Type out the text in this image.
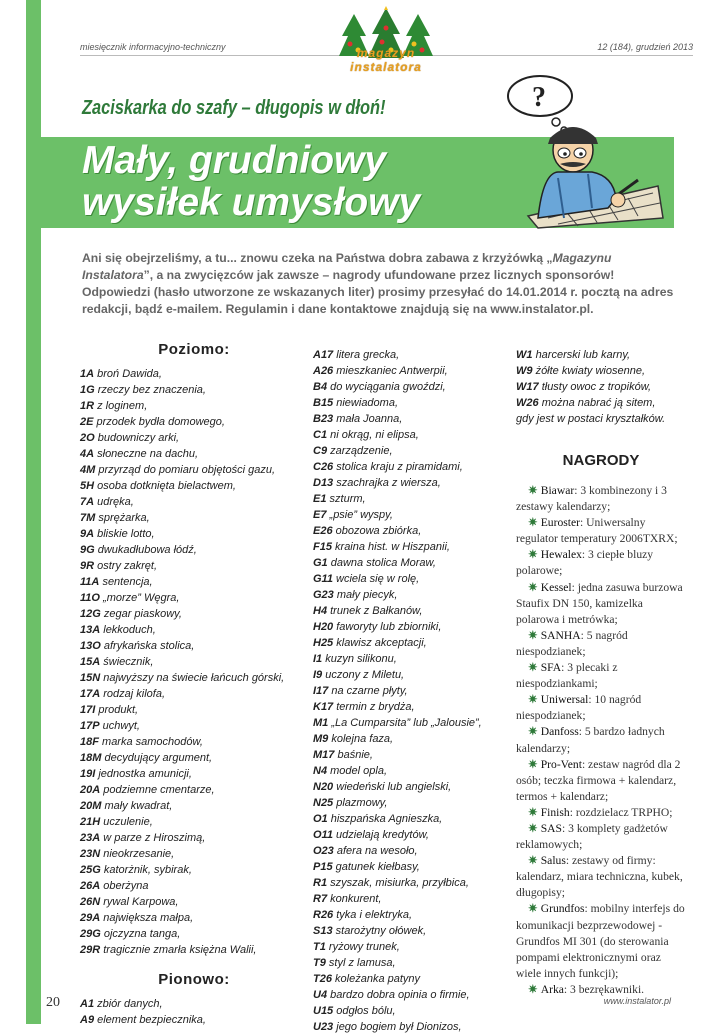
miesięcznik informacyjno-techniczny	12 (184), grudzień 2013
magazyn instalatora
Zaciskarka do szafy – długopis w dłoń!
Mały, grudniowy
wysiłek umysłowy
?
Ani się obejrzeliśmy, a tu... znowu czeka na Państwa dobra zabawa z krzyżówką „Magazynu Instalatora”, a na zwycięzców jak zawsze – nagrody ufundowane przez licznych sponsorów! Odpowiedzi (hasło utworzone ze wskazanych liter) prosimy przesyłać do 14.01.2014 r. pocztą na adres redakcji, bądź e-mailem. Regulamin i dane kontaktowe znajdują się na www.instalator.pl.
Poziomo:
1A broń Dawida,
1G rzeczy bez znaczenia,
1R z loginem,
2E przodek bydła domowego,
2O budowniczy arki,
4A słoneczne na dachu,
4M przyrząd do pomiaru objętości gazu,
5H osoba dotknięta bielactwem,
7A udręka,
7M sprężarka,
9A bliskie lotto,
9G dwukadłubowa łódź,
9R ostry zakręt,
11A sentencja,
11O „morze” Węgra,
12G zegar piaskowy,
13A lekkoduch,
13O afrykańska stolica,
15A świecznik,
15N najwyższy na świecie łańcuch górski,
17A rodzaj kilofa,
17I produkt,
17P uchwyt,
18F marka samochodów,
18M decydujący argument,
19I jednostka amunicji,
20A podziemne cmentarze,
20M mały kwadrat,
21H uczulenie,
23A w parze z Hiroszimą,
23N nieokrzesanie,
25G katorżnik, sybirak,
26A oberżyna
26N rywal Karpowa,
29A największa małpa,
29G ojczyzna tanga,
29R tragicznie zmarła księżna Walii,
Pionowo:
A1 zbiór danych,
A9 element bezpiecznika,
A17 litera grecka,
A26 mieszkaniec Antwerpii,
B4 do wyciągania gwoździ,
B15 niewiadoma,
B23 mała Joanna,
C1 ni okrąg, ni elipsa,
C9 zarządzenie,
C26 stolica kraju z piramidami,
D13 szachrajka z wiersza,
E1 szturm,
E7 „psie” wyspy,
E26 obozowa zbiórka,
F15 kraina hist. w Hiszpanii,
G1 dawna stolica Moraw,
G11 wciela się w rolę,
G23 mały piecyk,
H4 trunek z Bałkanów,
H20 faworyty lub zbiorniki,
H25 klawisz akceptacji,
I1 kuzyn silikonu,
I9 uczony z Miletu,
I17 na czarne płyty,
K17 termin z brydża,
M1 „La Cumparsita” lub „Jalousie”,
M9 kolejna faza,
M17 baśnie,
N4 model opla,
N20 wiedeński lub angielski,
N25 plazmowy,
O1 hiszpańska Agnieszka,
O11 udzielają kredytów,
O23 afera na wesoło,
P15 gatunek kiełbasy,
R1 szyszak, misiurka, przyłbica,
R7 konkurent,
R26 tyka i elektryka,
S13 starożytny ołówek,
T1 ryżowy trunek,
T9 styl z lamusa,
T26 koleżanka patyny
U4 bardzo dobra opinia o firmie,
U15 odgłos bólu,
U23 jego bogiem był Dionizos,
W1 harcerski lub karny,
W9 żółte kwiaty wiosenne,
W17 tłusty owoc z tropików,
W26 można nabrać ją sitem,
gdy jest w postaci kryształków.
NAGRODY
✷ Biawar: 3 kombinezony i 3 zestawy kalendarzy;
✷ Euroster: Uniwersalny regulator temperatury 2006TXRX;
✷ Hewalex: 3 ciepłe bluzy polarowe;
✷ Kessel: jedna zasuwa burzowa Staufix DN 150, kamizelka polarowa i metrówka;
✷ SANHA: 5 nagród niespodzianek;
✷ SFA: 3 plecaki z niespodziankami;
✷ Uniwersal: 10 nagród niespodzianek;
✷ Danfoss: 5 bardzo ładnych kalendarzy;
✷ Pro-Vent: zestaw nagród dla 2 osób; teczka firmowa + kalendarz, termos + kalendarz;
✷ Finish: rozdzielacz TRPHO;
✷ SAS: 3 komplety gadżetów reklamowych;
✷ Salus: zestawy od firmy: kalendarz, miara techniczna, kubek, długopisy;
✷ Grundfos: mobilny interfejs do komunikacji bezprzewodowej - Grundfos MI 301 (do sterowania pompami elektronicznymi oraz wiele innych funkcji);
✷ Arka: 3 bezrękawniki.
20	www.instalator.pl
